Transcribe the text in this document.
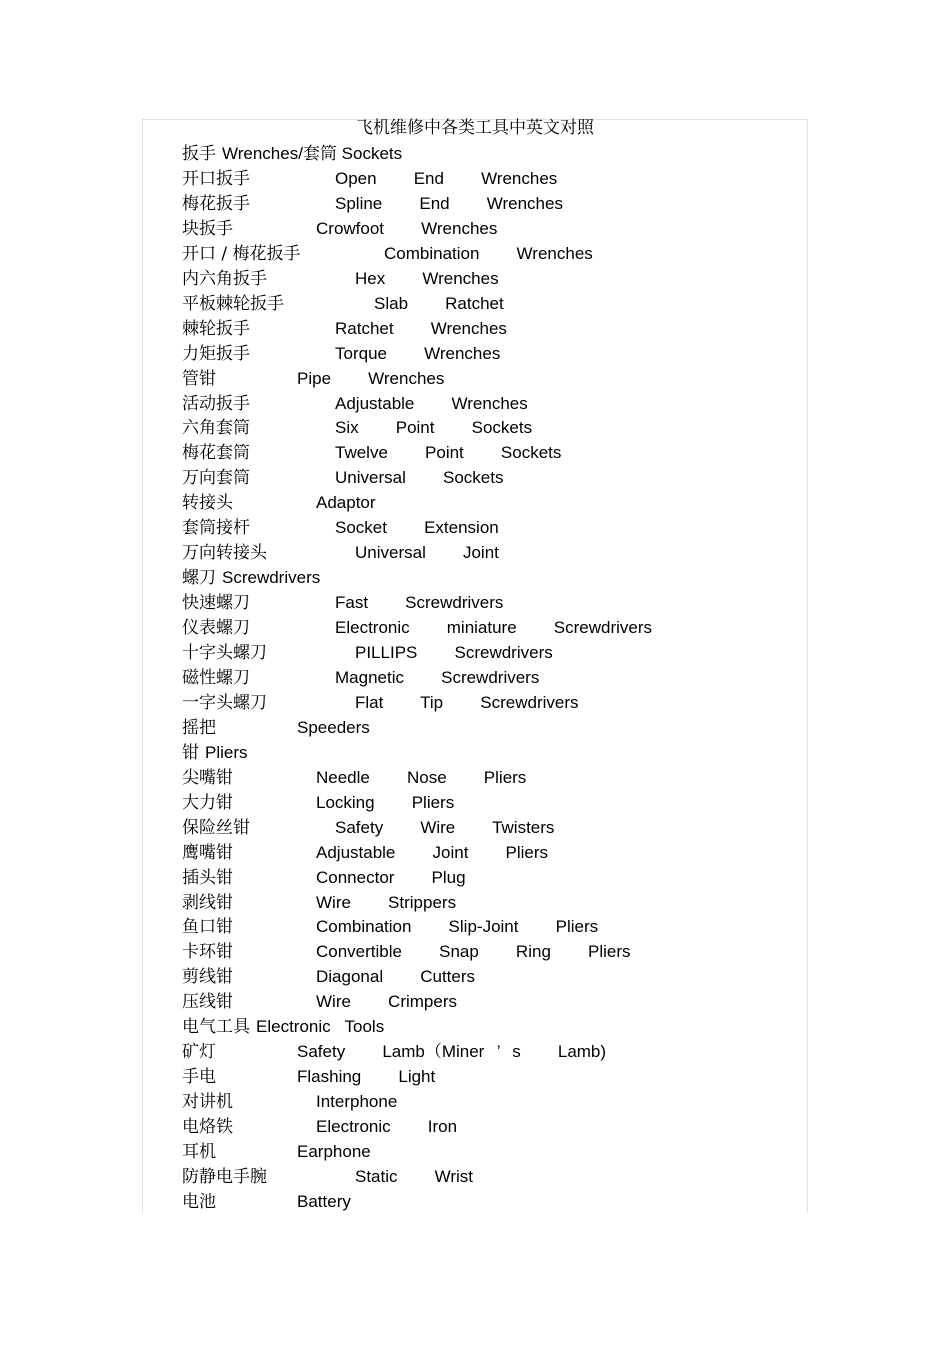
飞机维修中各类工具中英文对照
扳手 Wrenches/套筒 Sockets
开口扳手	Open   End   Wrenches
梅花扳手	Spline   End   Wrenches
块扳手	Crowfoot   Wrenches
开口 / 梅花扳手	Combination   Wrenches
内六角扳手	Hex   Wrenches
平板棘轮扳手	Slab   Ratchet
棘轮扳手	Ratchet   Wrenches
力矩扳手	Torque   Wrenches
管钳	Pipe   Wrenches
活动扳手	Adjustable   Wrenches
六角套筒	Six   Point   Sockets
梅花套筒	Twelve   Point   Sockets
万向套筒	Universal   Sockets
转接头	Adaptor
套筒接杆	Socket   Extension
万向转接头	Universal   Joint
螺刀 Screwdrivers
快速螺刀	Fast   Screwdrivers
仪表螺刀	Electronic   miniature   Screwdrivers
十字头螺刀	PILLIPS   Screwdrivers
磁性螺刀	Magnetic   Screwdrivers
一字头螺刀	Flat   Tip   Screwdrivers
摇把	Speeders
钳 Pliers
尖嘴钳	Needle   Nose   Pliers
大力钳	Locking   Pliers
保险丝钳	Safety   Wire   Twisters
鹰嘴钳	Adjustable   Joint   Pliers
插头钳	Connector   Plug
剥线钳	Wire   Strippers
鱼口钳	Combination   Slip-Joint   Pliers
卡环钳	Convertible   Snap   Ring   Pliers
剪线钳	Diagonal   Cutters
压线钳	Wire   Crimpers
电气工具 Electronic   Tools
矿灯	Safety   Lamb（Miner ’ s   Lamb)
手电	Flashing   Light
对讲机	Interphone
电烙铁	Electronic   Iron
耳机	Earphone
防静电手腕	Static   Wrist
电池	Battery
